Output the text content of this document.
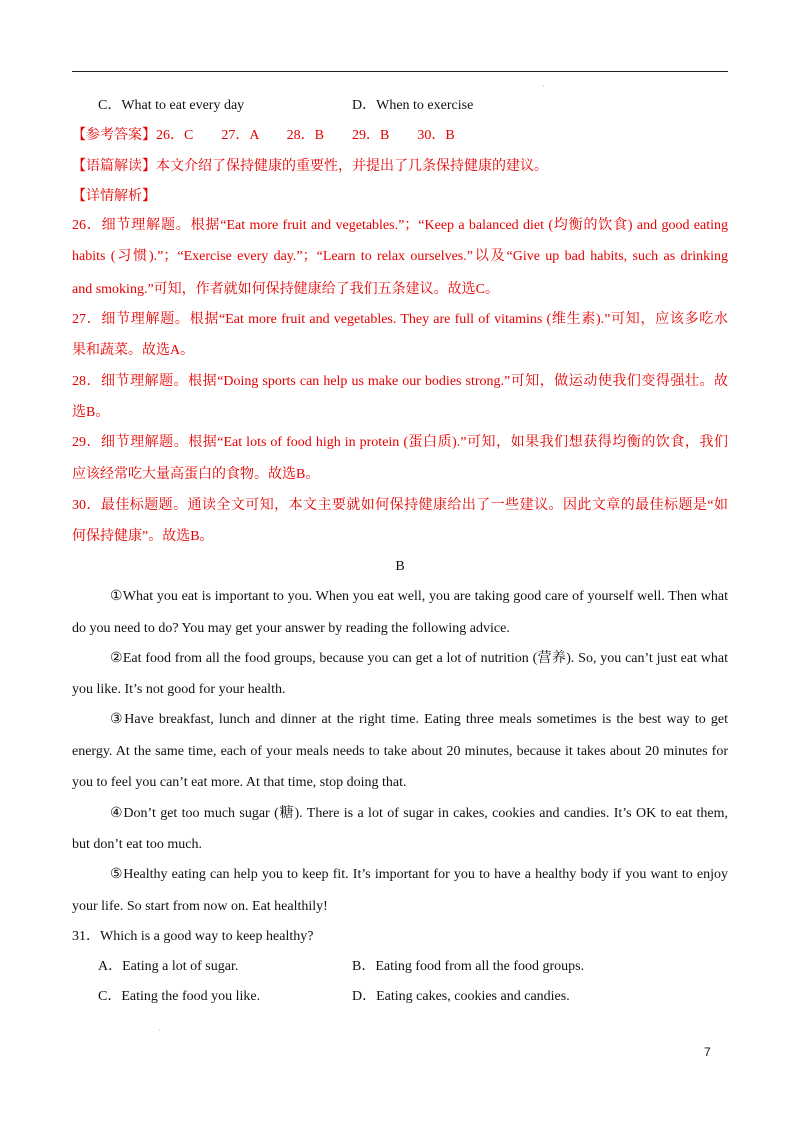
·
C．What to eat every day	D．When to exercise
【参考答案】26．C　　27．A　　28．B　　29．B　　30．B
【语篇解读】本文介绍了保持健康的重要性，并提出了几条保持健康的建议。
【详情解析】
26．细节理解题。根据“Eat more fruit and vegetables.”；“Keep a balanced diet (均衡的饮食) and good eating
habits (习惯).”；“Exercise every day.”；“Learn to relax ourselves.”以及“Give up bad habits, such as drinking
and smoking.”可知，作者就如何保持健康给了我们五条建议。故选C。
27．细节理解题。根据“Eat more fruit and vegetables. They are full of vitamins (维生素).”可知，应该多吃水
果和蔬菜。故选A。
28．细节理解题。根据“Doing sports can help us make our bodies strong.”可知，做运动使我们变得强壮。故
选B。
29．细节理解题。根据“Eat lots of food high in protein (蛋白质).”可知，如果我们想获得均衡的饮食，我们
应该经常吃大量高蛋白的食物。故选B。
30．最佳标题题。通读全文可知，本文主要就如何保持健康给出了一些建议。因此文章的最佳标题是“如
何保持健康”。故选B。
B
①What you eat is important to you. When you eat well, you are taking good care of yourself well. Then what
do you need to do? You may get your answer by reading the following advice.
②Eat food from all the food groups, because you can get a lot of nutrition (营养). So, you can’t just eat what
you like. It’s not good for your health.
③Have breakfast, lunch and dinner at the right time. Eating three meals sometimes is the best way to get
energy. At the same time, each of your meals needs to take about 20 minutes, because it takes about 20 minutes for
you to feel you can’t eat more. At that time, stop doing that.
④Don’t get too much sugar (糖). There is a lot of sugar in cakes, cookies and candies. It’s OK to eat them,
but don’t eat too much.
⑤Healthy eating can help you to keep fit. It’s important for you to have a healthy body if you want to enjoy
your life. So start from now on. Eat healthily!
31．Which is a good way to keep healthy?
A．Eating a lot of sugar.	B．Eating food from all the food groups.
C．Eating the food you like.	D．Eating cakes, cookies and candies.
·
7
